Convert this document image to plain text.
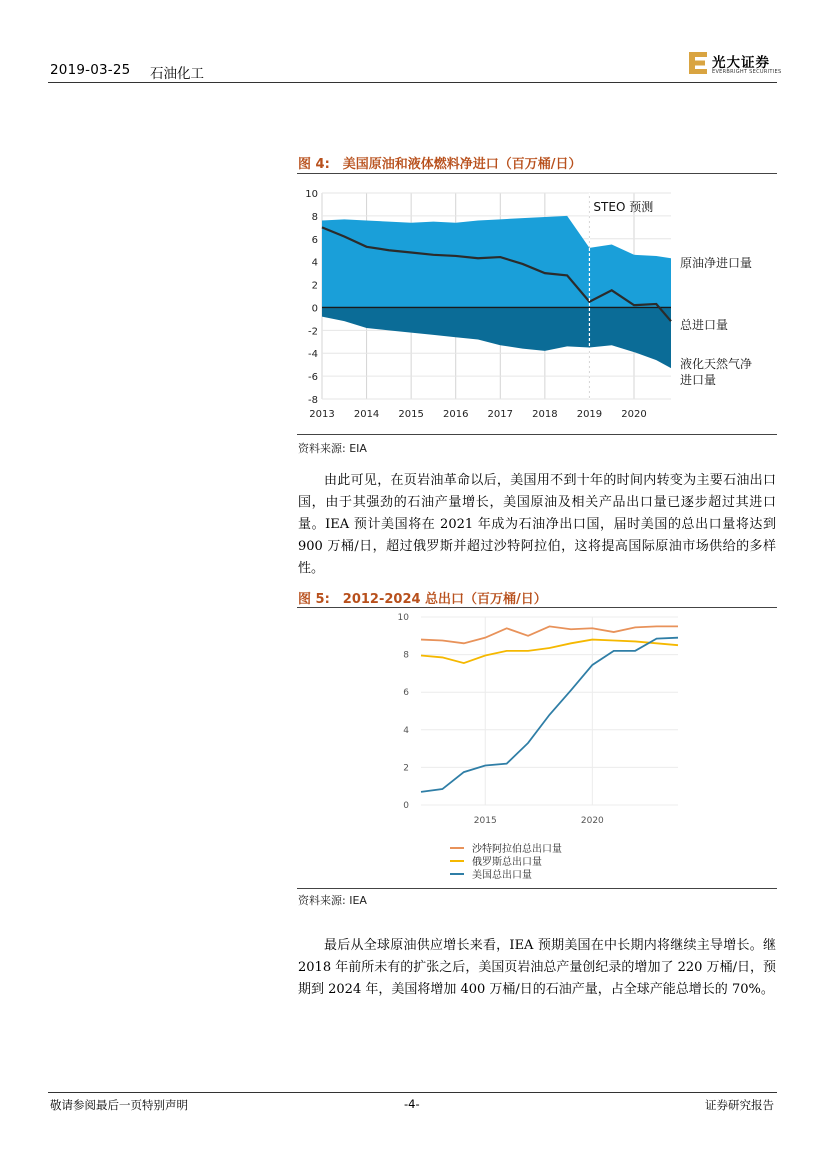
2019-03-25 石油化工
光大证券
EVERBRIGHT SECURITIES
图 4:　美国原油和液体燃料净进口（百万桶/日）
STEO 预测
10
8
6
4
2
0
-2
-4
-6
-8
2013 2014 2015 2016 2017 2018 2019 2020
原油净进口量
总进口量
液化天然气净进口量
资料来源: EIA
由此可见，在页岩油革命以后，美国用不到十年的时间内转变为主要石油出口国，由于其强劲的石油产量增长，美国原油及相关产品出口量已逐步超过其进口量。IEA 预计美国将在 2021 年成为石油净出口国，届时美国的总出口量将达到 900 万桶/日，超过俄罗斯并超过沙特阿拉伯，这将提高国际原油市场供给的多样性。
图 5:　2012-2024 总出口（百万桶/日）
10
8
6
4
2
0
2015	2020
沙特阿拉伯总出口量
俄罗斯总出口量
美国总出口量
资料来源: IEA
最后从全球原油供应增长来看，IEA 预期美国在中长期内将继续主导增长。继 2018 年前所未有的扩张之后，美国页岩油总产量创纪录的增加了 220 万桶/日，预期到 2024 年，美国将增加 400 万桶/日的石油产量，占全球产能总增长的 70%。
敬请参阅最后一页特别声明	-4-	证券研究报告
